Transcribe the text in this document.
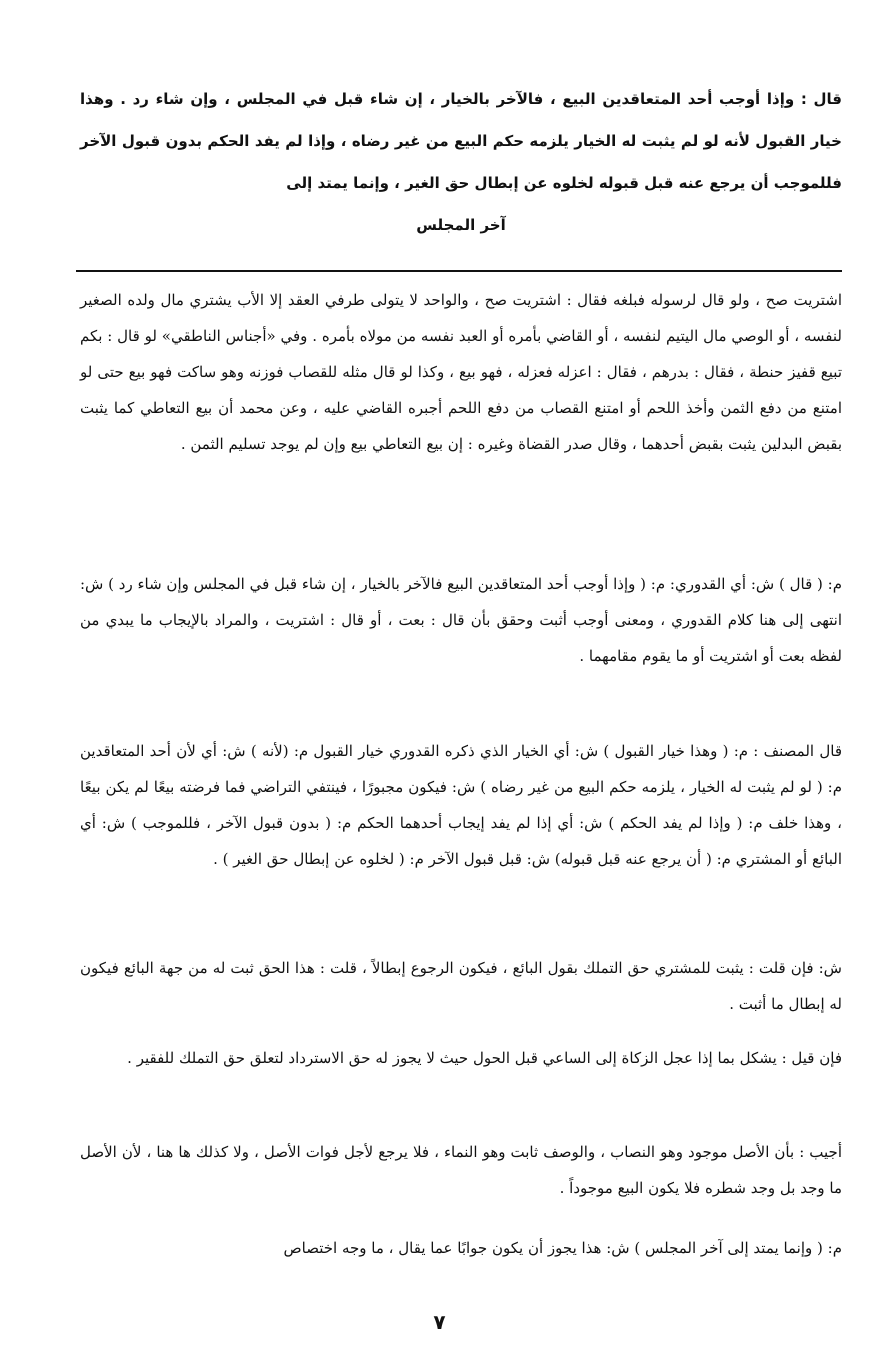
قال : وإذا أوجب أحد المتعاقدين البيع ، فالآخر بالخيار ، إن شاء قبل في المجلس ، وإن شاء رد . وهذا خيار القبول لأنه لو لم يثبت له الخيار يلزمه حكم البيع من غير رضاه ، وإذا لم يفد الحكم بدون قبول الآخر فللموجب أن يرجع عنه قبل قبوله لخلوه عن إبطال حق الغير ، وإنما يمتد إلى
آخر المجلس
اشتريت صح ، ولو قال لرسوله فبلغه فقال : اشتريت صح ، والواحد لا يتولى طرفي العقد إلا الأب يشتري مال ولده الصغير لنفسه ، أو الوصي مال اليتيم لنفسه ، أو القاضي بأمره أو العبد نفسه من مولاه بأمره . وفي «أجناس الناطقي» لو قال : بكم تبيع قفيز حنطة ، فقال : بدرهم ، فقال : اعزله فعزله ، فهو بيع ، وكذا لو قال مثله للقصاب فوزنه وهو ساكت فهو بيع حتى لو امتنع من دفع الثمن وأخذ اللحم أو امتنع القصاب من دفع اللحم أجبره القاضي عليه ، وعن محمد أن بيع التعاطي كما يثبت بقبض البدلين يثبت بقبض أحدهما ، وقال صدر القضاة وغيره : إن بيع التعاطي بيع وإن لم يوجد تسليم الثمن .
م: ( قال ) ش: أي القدوري: م: ( وإذا أوجب أحد المتعاقدين البيع فالآخر بالخيار ، إن شاء قبل في المجلس وإن شاء رد ) ش: انتهى إلى هنا كلام القدوري ، ومعنى أوجب أثبت وحقق بأن قال : بعت ، أو قال : اشتريت ، والمراد بالإيجاب ما يبدي من لفظه بعت أو اشتريت أو ما يقوم مقامهما .
قال المصنف : م: ( وهذا خيار القبول ) ش: أي الخيار الذي ذكره القدوري خيار القبول م: (لأنه ) ش: أي لأن أحد المتعاقدين م: ( لو لم يثبت له الخيار ، يلزمه حكم البيع من غير رضاه ) ش: فيكون مجبورًا ، فينتفي التراضي فما فرضته بيعًا لم يكن بيعًا ، وهذا خلف م: ( وإذا لم يفد الحكم ) ش: أي إذا لم يفد إيجاب أحدهما الحكم م: ( بدون قبول الآخر ، فللموجب ) ش: أي البائع أو المشتري م: ( أن يرجع عنه قبل قبوله) ش: قبل قبول الآخر م: ( لخلوه عن إبطال حق الغير ) .
ش: فإن قلت : يثبت للمشتري حق التملك بقول البائع ، فيكون الرجوع إبطالاً ، قلت : هذا الحق ثبت له من جهة البائع فيكون له إبطال ما أثبت .
فإن قيل : يشكل بما إذا عجل الزكاة إلى الساعي قبل الحول حيث لا يجوز له حق الاسترداد لتعلق حق التملك للفقير .
أجيب : بأن الأصل موجود وهو النصاب ، والوصف ثابت وهو النماء ، فلا يرجع لأجل فوات الأصل ، ولا كذلك ها هنا ، لأن الأصل ما وجد بل وجد شطره فلا يكون البيع موجوداً .
م: ( وإنما يمتد إلى آخر المجلس ) ش: هذا يجوز أن يكون جوابًا عما يقال ، ما وجه اختصاص
٧
